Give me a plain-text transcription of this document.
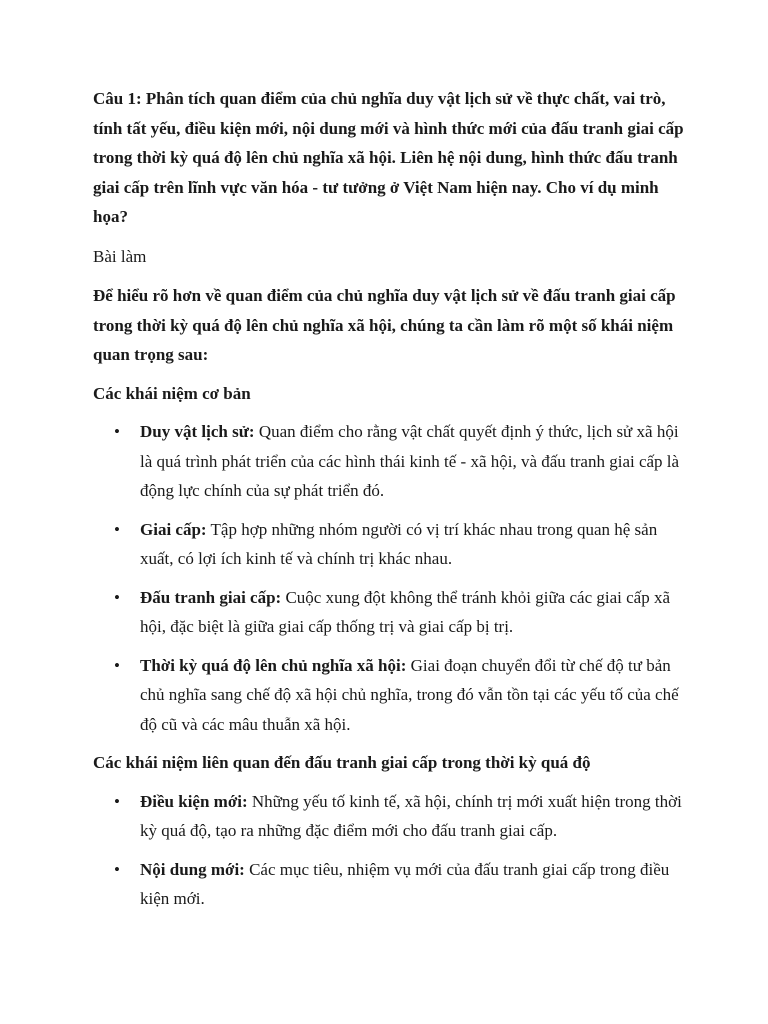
Câu 1: Phân tích quan điểm của chủ nghĩa duy vật lịch sử về thực chất, vai trò, tính tất yếu, điều kiện mới, nội dung mới và hình thức mới của đấu tranh giai cấp trong thời kỳ quá độ lên chủ nghĩa xã hội. Liên hệ nội dung, hình thức đấu tranh giai cấp trên lĩnh vực văn hóa - tư tưởng ở Việt Nam hiện nay. Cho ví dụ minh họa?

Bài làm

Để hiểu rõ hơn về quan điểm của chủ nghĩa duy vật lịch sử về đấu tranh giai cấp trong thời kỳ quá độ lên chủ nghĩa xã hội, chúng ta cần làm rõ một số khái niệm quan trọng sau:

Các khái niệm cơ bản

• Duy vật lịch sử: Quan điểm cho rằng vật chất quyết định ý thức, lịch sử xã hội là quá trình phát triển của các hình thái kinh tế - xã hội, và đấu tranh giai cấp là động lực chính của sự phát triển đó.
• Giai cấp: Tập hợp những nhóm người có vị trí khác nhau trong quan hệ sản xuất, có lợi ích kinh tế và chính trị khác nhau.
• Đấu tranh giai cấp: Cuộc xung đột không thể tránh khỏi giữa các giai cấp xã hội, đặc biệt là giữa giai cấp thống trị và giai cấp bị trị.
• Thời kỳ quá độ lên chủ nghĩa xã hội: Giai đoạn chuyển đổi từ chế độ tư bản chủ nghĩa sang chế độ xã hội chủ nghĩa, trong đó vẫn tồn tại các yếu tố của chế độ cũ và các mâu thuẫn xã hội.

Các khái niệm liên quan đến đấu tranh giai cấp trong thời kỳ quá độ

• Điều kiện mới: Những yếu tố kinh tế, xã hội, chính trị mới xuất hiện trong thời kỳ quá độ, tạo ra những đặc điểm mới cho đấu tranh giai cấp.
• Nội dung mới: Các mục tiêu, nhiệm vụ mới của đấu tranh giai cấp trong điều kiện mới.
